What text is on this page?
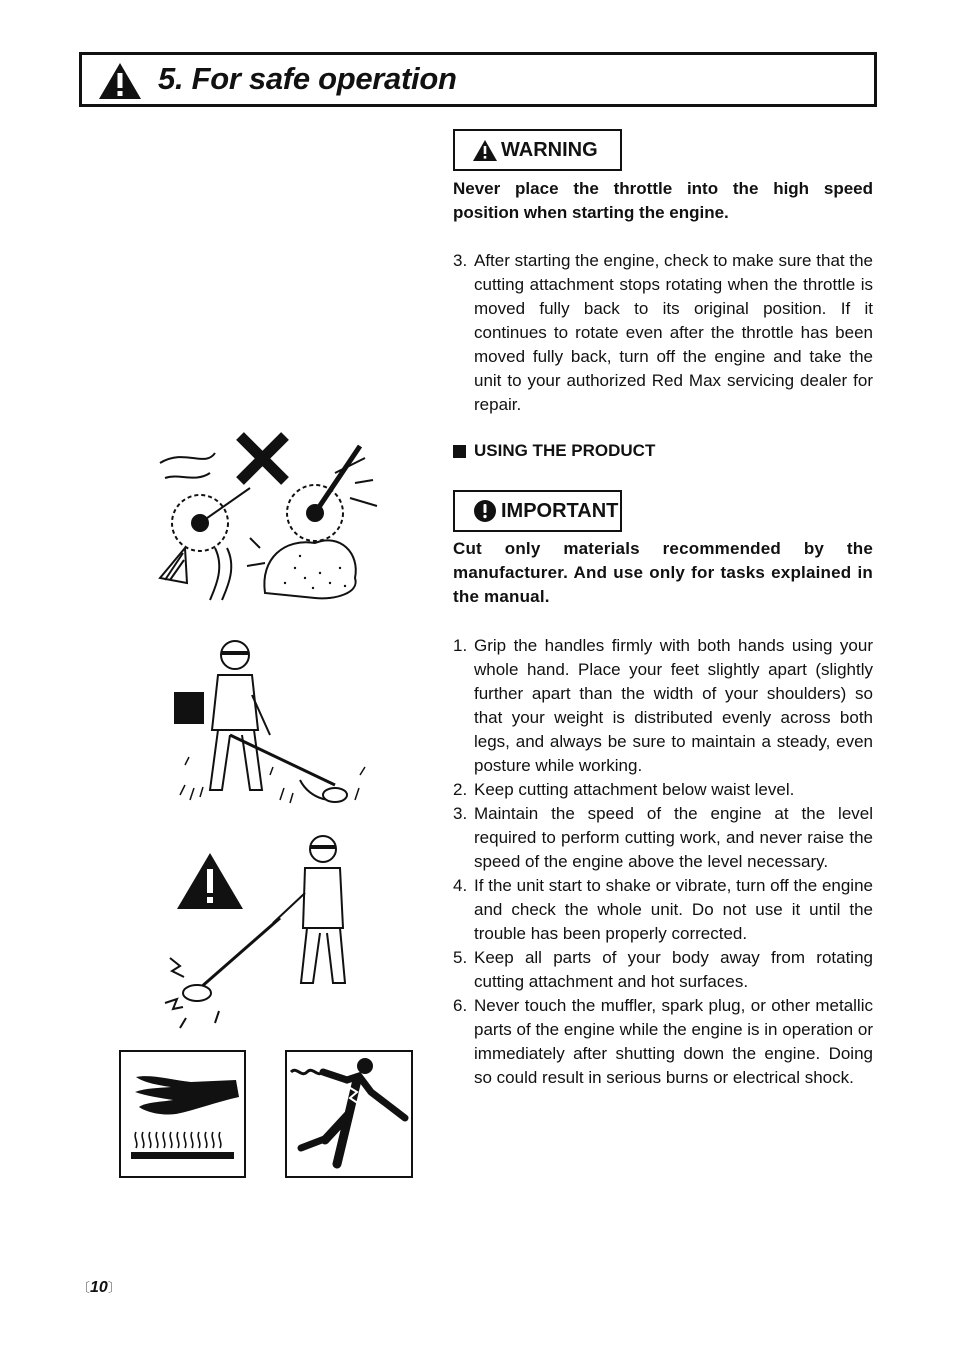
5. For safe operation
WARNING
Never place the throttle into the high speed position when starting the engine.
3. After starting the engine, check to make sure that the cutting attachment stops rotating when the throttle is moved fully back to its original position. If it continues to rotate even after the throttle has been moved fully back, turn off the engine and take the unit to your authorized Red Max servicing dealer for repair.
USING THE PRODUCT
IMPORTANT
Cut only materials recommended by the manufacturer. And use only for tasks explained in the manual.
1. Grip the handles firmly with both hands using your whole hand. Place your feet slightly apart (slightly further apart than the width of your shoulders) so that your weight is distributed evenly across both legs, and always be sure to maintain a steady, even posture while working.
2. Keep cutting attachment below waist level.
3. Maintain the speed of the engine at the level required to perform cutting work, and never raise the speed of the engine above the level necessary.
4. If the unit start to shake or vibrate, turn off the engine and check the whole unit. Do not use it until the trouble has been properly corrected.
5. Keep all parts of your body away from rotating cutting attachment and hot surfaces.
6. Never touch the muffler, spark plug, or other metallic parts of the engine while the engine is in operation or immediately after shutting down the engine. Doing so could result in serious burns or electrical shock.
〔10〕
